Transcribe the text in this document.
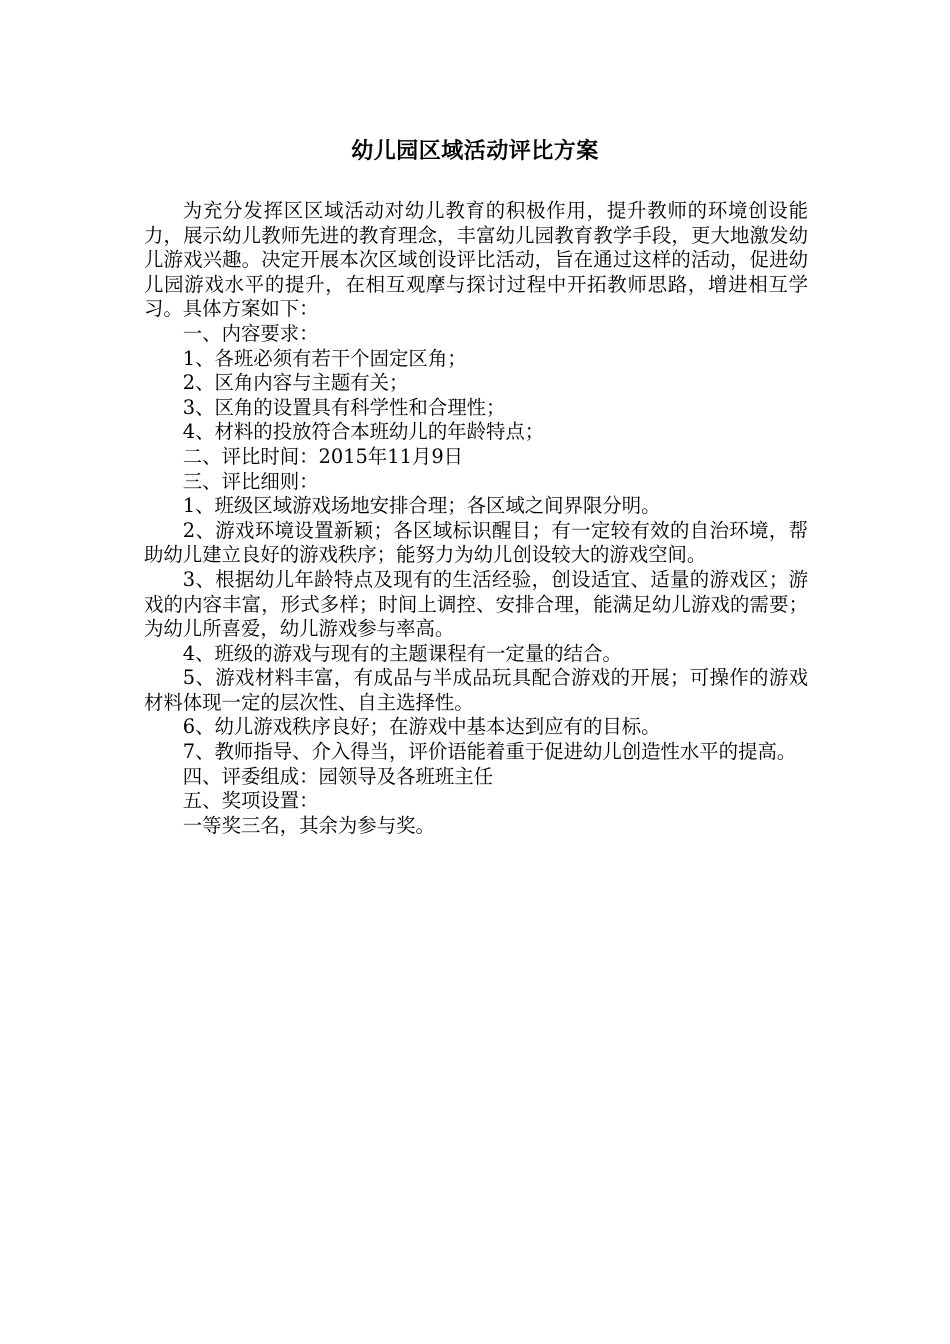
幼儿园区域活动评比方案

为充分发挥区区域活动对幼儿教育的积极作用，提升教师的环境创设能力，展示幼儿教师先进的教育理念，丰富幼儿园教育教学手段，更大地激发幼儿游戏兴趣。决定开展本次区域创设评比活动，旨在通过这样的活动，促进幼儿园游戏水平的提升，在相互观摩与探讨过程中开拓教师思路，增进相互学习。具体方案如下：

一、内容要求：

1、各班必须有若干个固定区角；

2、区角内容与主题有关；

3、区角的设置具有科学性和合理性；

4、材料的投放符合本班幼儿的年龄特点；

二、评比时间：2015年11月9日

三、评比细则：

1、班级区域游戏场地安排合理；各区域之间界限分明。

2、游戏环境设置新颖；各区域标识醒目；有一定较有效的自治环境，帮助幼儿建立良好的游戏秩序；能努力为幼儿创设较大的游戏空间。

3、根据幼儿年龄特点及现有的生活经验，创设适宜、适量的游戏区；游戏的内容丰富，形式多样；时间上调控、安排合理，能满足幼儿游戏的需要；为幼儿所喜爱，幼儿游戏参与率高。

4、班级的游戏与现有的主题课程有一定量的结合。

5、游戏材料丰富，有成品与半成品玩具配合游戏的开展；可操作的游戏材料体现一定的层次性、自主选择性。

6、幼儿游戏秩序良好；在游戏中基本达到应有的目标。

7、教师指导、介入得当，评价语能着重于促进幼儿创造性水平的提高。

四、评委组成：园领导及各班班主任

五、奖项设置：

一等奖三名，其余为参与奖。
